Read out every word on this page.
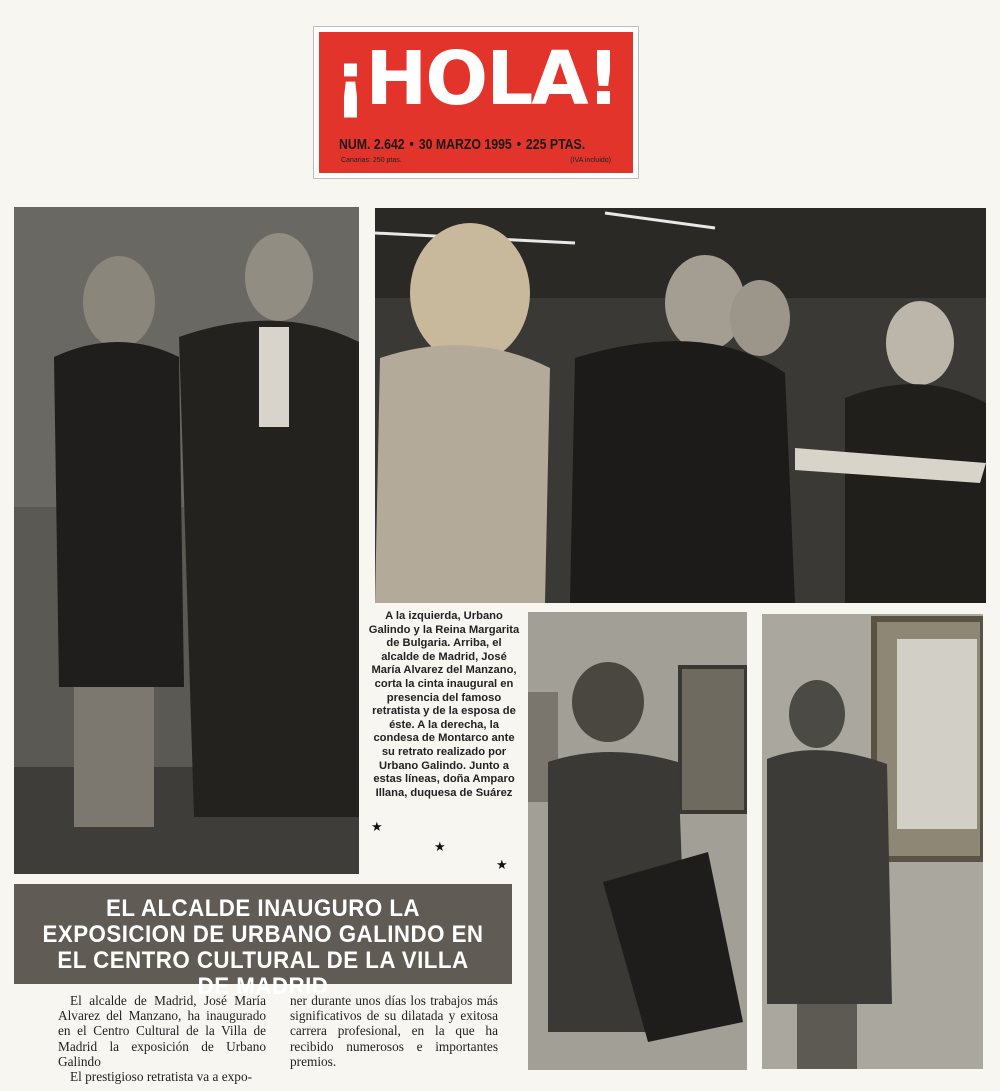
¡HOLA!
NUM. 2.642 • 30 MARZO 1995 • 225 PTAS.
Canarias: 250 ptas.	(IVA incluido)
A la izquierda, Urbano Galindo y la Reina Margarita de Bulgaria. Arriba, el alcalde de Madrid, José María Alvarez del Manzano, corta la cinta inaugural en presencia del famoso retratista y de la esposa de éste. A la derecha, la condesa de Montarco ante su retrato realizado por Urbano Galindo. Junto a estas líneas, doña Amparo Illana, duquesa de Suárez
★
★
★
EL ALCALDE INAUGURO LA EXPOSICION DE URBANO GALINDO EN EL CENTRO CULTURAL DE LA VILLA DE MADRID

El alcalde de Madrid, José María Alvarez del Manzano, ha inaugurado en el Centro Cultural de la Villa de Madrid la exposición de Urbano Galindo

El prestigioso retratista va a expo-

ner durante unos días los trabajos más significativos de su dilatada y exitosa carrera profesional, en la que ha recibido numerosos e importantes premios.
